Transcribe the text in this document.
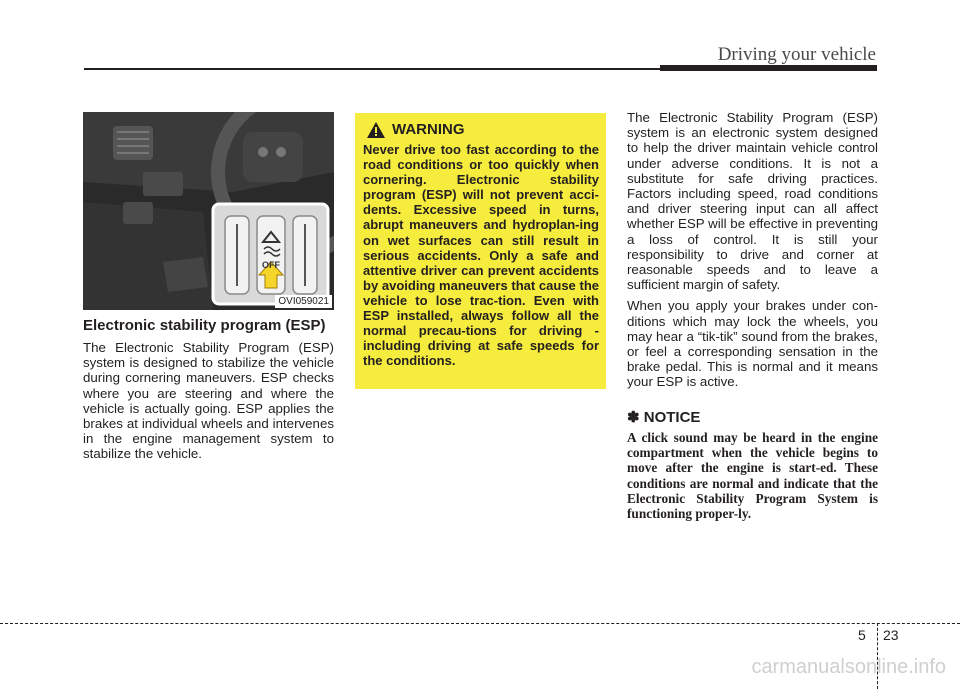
Driving your vehicle
OFF
OVI059021
Electronic stability program (ESP)
The Electronic Stability Program (ESP) system is designed to stabilize the vehicle during cornering maneuvers. ESP checks where you are steering and where the vehicle is actually going. ESP applies the brakes at individual wheels and intervenes in the engine management system to stabilize the vehicle.
WARNING
Never drive too fast according to the road conditions or too quickly when cornering. Electronic stability program (ESP) will not prevent acci-dents. Excessive speed in turns, abrupt maneuvers and hydroplan-ing on wet surfaces can still result in serious accidents. Only a safe and attentive driver can prevent accidents by avoiding maneuvers that cause the vehicle to lose trac-tion. Even with ESP installed, always follow all the normal precau-tions for driving - including driving at safe speeds for the conditions.
The Electronic Stability Program (ESP) system is an electronic system designed to help the driver maintain vehicle control under adverse conditions. It is not a substitute for safe driving practices. Factors including speed, road conditions and driver steering input can all affect whether ESP will be effective in preventing a loss of control. It is still your responsibility to drive and corner at reasonable speeds and to leave a sufficient margin of safety.
When you apply your brakes under con-ditions which may lock the wheels, you may hear a “tik-tik” sound from the brakes, or feel a corresponding sensation in the brake pedal. This is normal and it means your ESP is active.
✽ NOTICE
A click sound may be heard in the engine compartment when the vehicle begins to move after the engine is start-ed. These conditions are normal and indicate that the Electronic Stability Program System is functioning proper-ly.
5 23
carmanualsonline.info
